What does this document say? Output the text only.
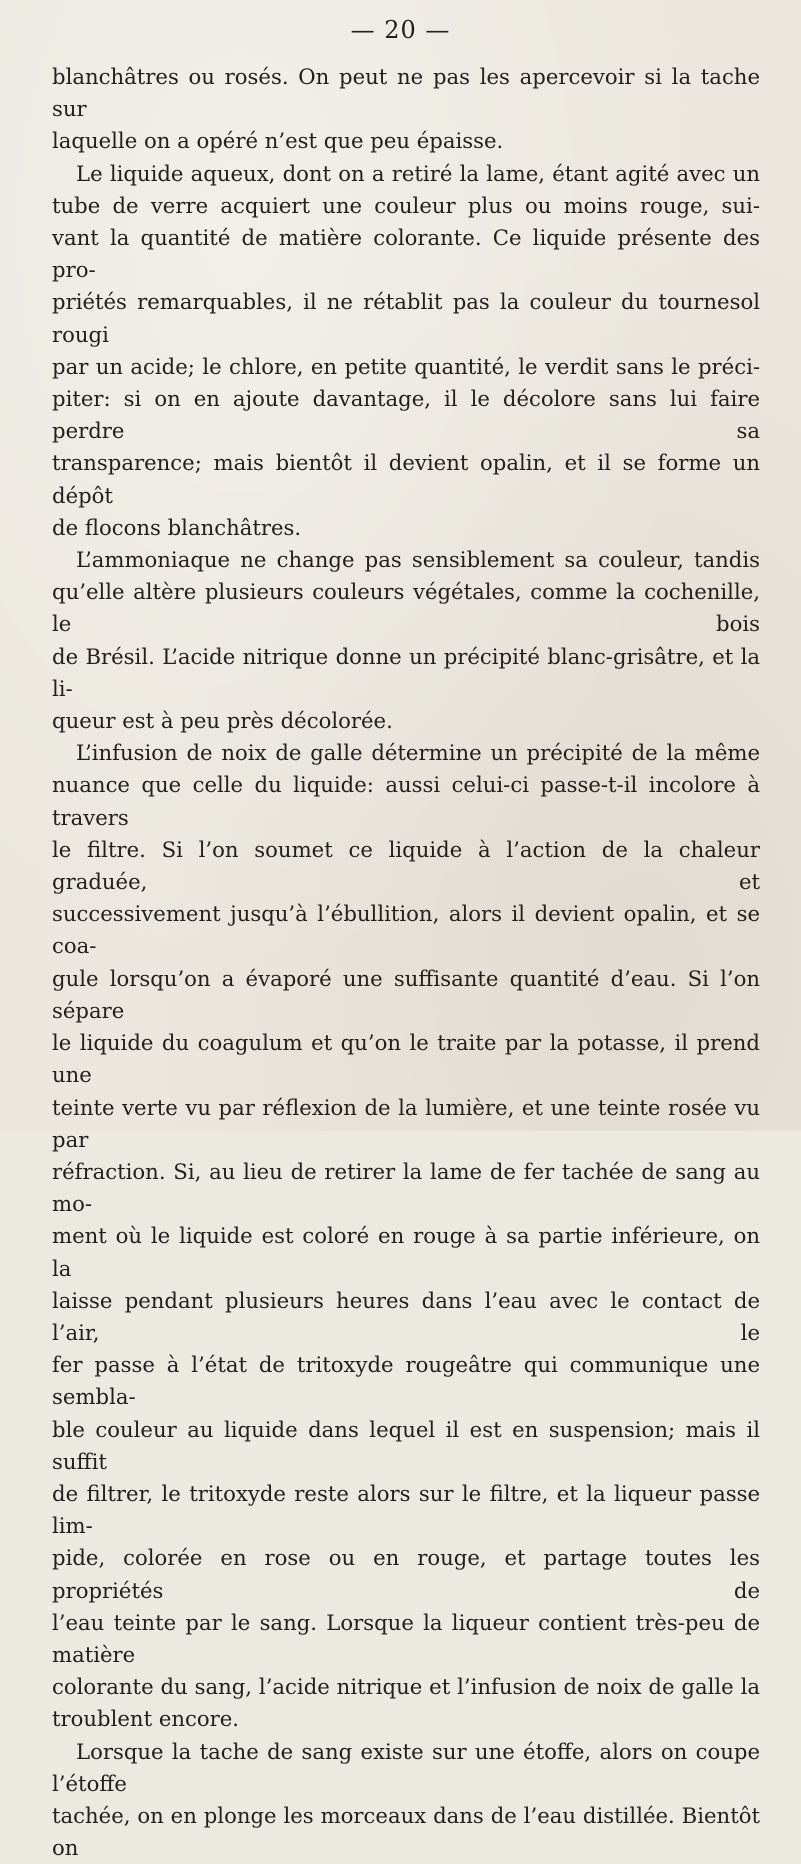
— 20 —

blanchâtres ou rosés. On peut ne pas les apercevoir si la tache sur

laquelle on a opéré n’est que peu épaisse.

Le liquide aqueux, dont on a retiré la lame, étant agité avec un

tube de verre acquiert une couleur plus ou moins rouge, sui-

vant la quantité de matière colorante. Ce liquide présente des pro-

priétés remarquables, il ne rétablit pas la couleur du tournesol rougi

par un acide; le chlore, en petite quantité, le verdit sans le préci-

piter: si on en ajoute davantage, il le décolore sans lui faire perdre sa

transparence; mais bientôt il devient opalin, et il se forme un dépôt

de flocons blanchâtres.

L’ammoniaque ne change pas sensiblement sa couleur, tandis

qu’elle altère plusieurs couleurs végétales, comme la cochenille, le bois

de Brésil. L’acide nitrique donne un précipité blanc-grisâtre, et la li-

queur est à peu près décolorée.

L’infusion de noix de galle détermine un précipité de la même

nuance que celle du liquide: aussi celui-ci passe-t-il incolore à travers

le filtre. Si l’on soumet ce liquide à l’action de la chaleur graduée, et

successivement jusqu’à l’ébullition, alors il devient opalin, et se coa-

gule lorsqu’on a évaporé une suffisante quantité d’eau. Si l’on sépare

le liquide du coagulum et qu’on le traite par la potasse, il prend une

teinte verte vu par réflexion de la lumière, et une teinte rosée vu par

réfraction. Si, au lieu de retirer la lame de fer tachée de sang au mo-

ment où le liquide est coloré en rouge à sa partie inférieure, on la

laisse pendant plusieurs heures dans l’eau avec le contact de l’air, le

fer passe à l’état de tritoxyde rougeâtre qui communique une sembla-

ble couleur au liquide dans lequel il est en suspension; mais il suffit

de filtrer, le tritoxyde reste alors sur le filtre, et la liqueur passe lim-

pide, colorée en rose ou en rouge, et partage toutes les propriétés de

l’eau teinte par le sang. Lorsque la liqueur contient très-peu de matière

colorante du sang, l’acide nitrique et l’infusion de noix de galle la

troublent encore.

Lorsque la tache de sang existe sur une étoffe, alors on coupe l’étoffe

tachée, on en plonge les morceaux dans de l’eau distillée. Bientôt on
